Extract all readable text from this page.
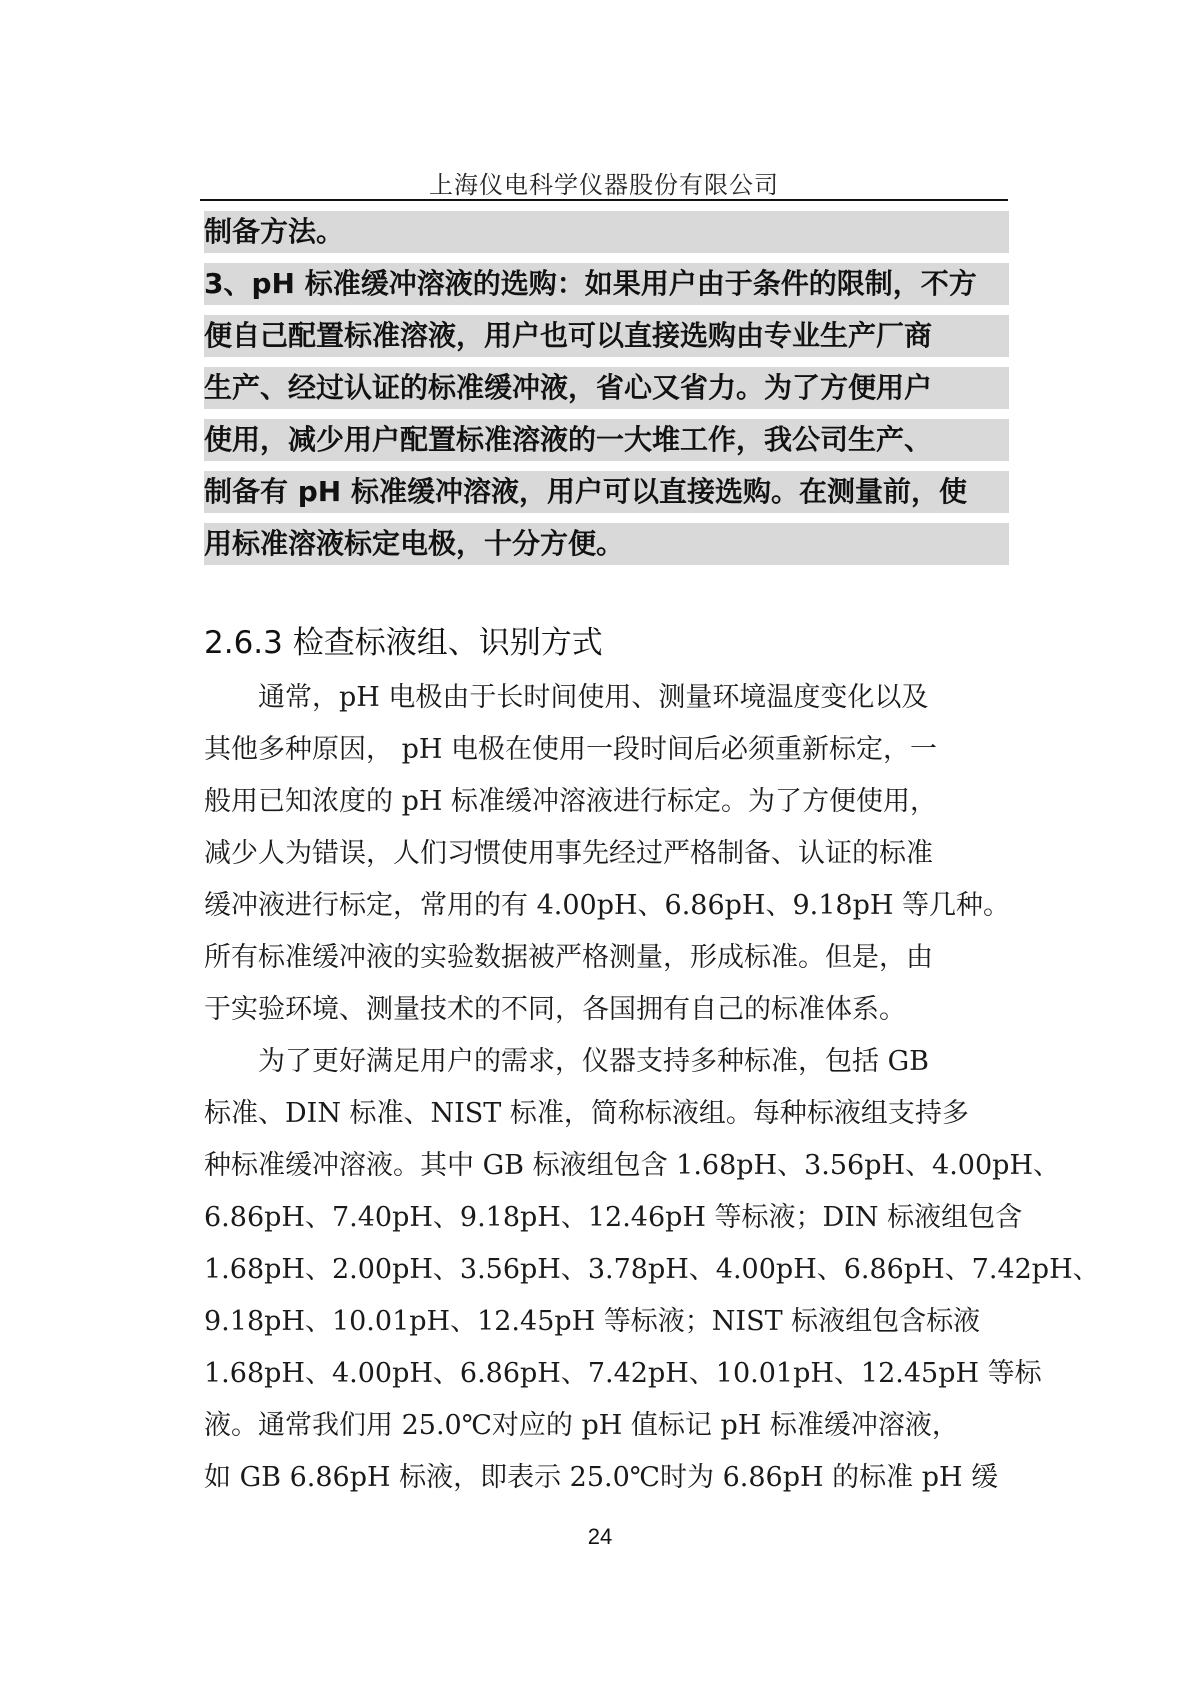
上海仪电科学仪器股份有限公司
制备方法。
3、pH 标准缓冲溶液的选购：如果用户由于条件的限制，不方
便自己配置标准溶液，用户也可以直接选购由专业生产厂商
生产、经过认证的标准缓冲液，省心又省力。为了方便用户
使用，减少用户配置标准溶液的一大堆工作，我公司生产、
制备有 pH 标准缓冲溶液，用户可以直接选购。在测量前，使
用标准溶液标定电极，十分方便。
2.6.3 检查标液组、识别方式
　　通常，pH 电极由于长时间使用、测量环境温度变化以及
其他多种原因， pH 电极在使用一段时间后必须重新标定，一
般用已知浓度的 pH 标准缓冲溶液进行标定。为了方便使用，
减少人为错误，人们习惯使用事先经过严格制备、认证的标准
缓冲液进行标定，常用的有 4.00pH、6.86pH、9.18pH 等几种。
所有标准缓冲液的实验数据被严格测量，形成标准。但是，由
于实验环境、测量技术的不同，各国拥有自己的标准体系。
　　为了更好满足用户的需求，仪器支持多种标准，包括 GB
标准、DIN 标准、NIST 标准，简称标液组。每种标液组支持多
种标准缓冲溶液。其中 GB 标液组包含 1.68pH、3.56pH、4.00pH、
6.86pH、7.40pH、9.18pH、12.46pH 等标液；DIN 标液组包含
1.68pH、2.00pH、3.56pH、3.78pH、4.00pH、6.86pH、7.42pH、
9.18pH、10.01pH、12.45pH 等标液；NIST 标液组包含标液
1.68pH、4.00pH、6.86pH、7.42pH、10.01pH、12.45pH 等标
液。通常我们用 25.0℃对应的 pH 值标记 pH 标准缓冲溶液，
如 GB 6.86pH 标液，即表示 25.0℃时为 6.86pH 的标准 pH 缓
24
